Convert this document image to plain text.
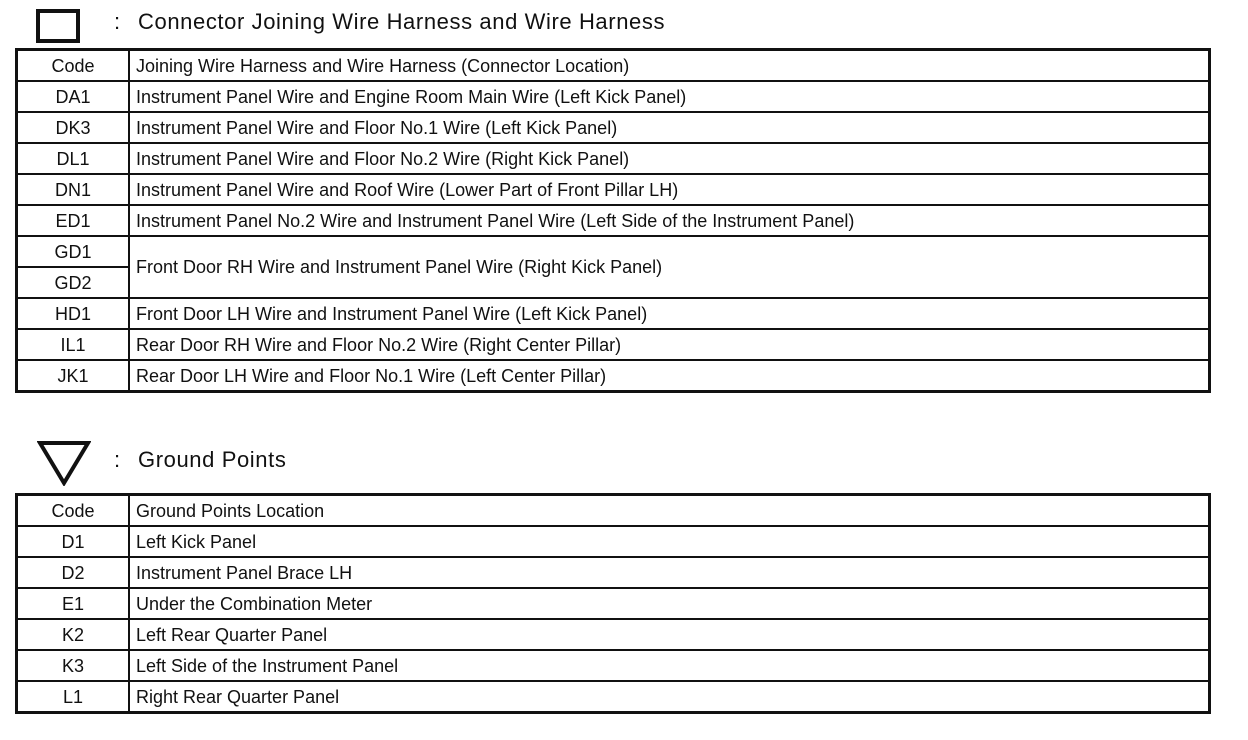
: Connector Joining Wire Harness and Wire Harness
Code	Joining Wire Harness and Wire Harness (Connector Location)
DA1	Instrument Panel Wire and Engine Room Main Wire (Left Kick Panel)
DK3	Instrument Panel Wire and Floor No.1 Wire (Left Kick Panel)
DL1	Instrument Panel Wire and Floor No.2 Wire (Right Kick Panel)
DN1	Instrument Panel Wire and Roof Wire (Lower Part of Front Pillar LH)
ED1	Instrument Panel No.2 Wire and Instrument Panel Wire (Left Side of the Instrument Panel)
GD1	Front Door RH Wire and Instrument Panel Wire (Right Kick Panel)
GD2	
HD1	Front Door LH Wire and Instrument Panel Wire (Left Kick Panel)
IL1	Rear Door RH Wire and Floor No.2 Wire (Right Center Pillar)
JK1	Rear Door LH Wire and Floor No.1 Wire (Left Center Pillar)
: Ground Points
Code	Ground Points Location
D1	Left Kick Panel
D2	Instrument Panel Brace LH
E1	Under the Combination Meter
K2	Left Rear Quarter Panel
K3	Left Side of the Instrument Panel
L1	Right Rear Quarter Panel
